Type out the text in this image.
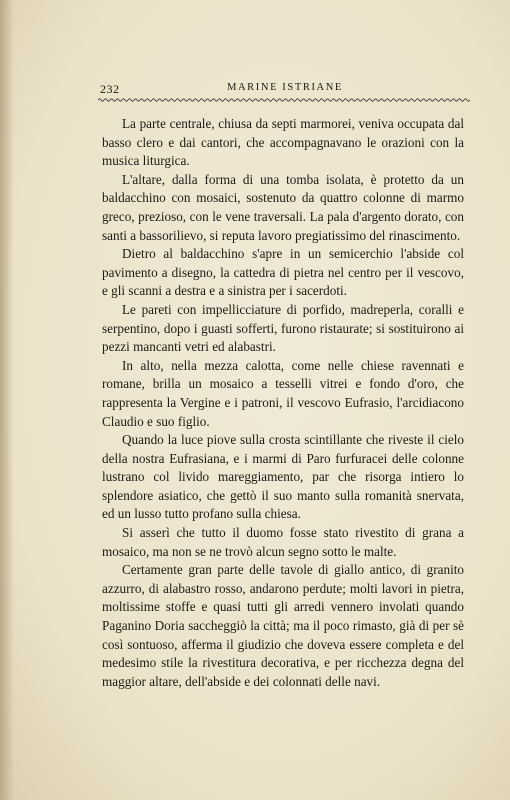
232	MARINE ISTRIANE

La parte centrale, chiusa da septi marmorei, veniva occupata dal basso clero e dai cantori, che accompagnavano le orazioni con la musica liturgica.

L'altare, dalla forma di una tomba isolata, è protetto da un baldacchino con mosaici, sostenuto da quattro colonne di marmo greco, prezioso, con le vene traversali. La pala d'argento dorato, con santi a bassorilievo, si reputa lavoro pregiatissimo del rinascimento.

Dietro al baldacchino s'apre in un semicerchio l'abside col pavimento a disegno, la cattedra di pietra nel centro per il vescovo, e gli scanni a destra e a sinistra per i sacerdoti.

Le pareti con impellicciature di porfido, madreperla, coralli e serpentino, dopo i guasti sofferti, furono ristaurate; si sostituirono ai pezzi mancanti vetri ed alabastri.

In alto, nella mezza calotta, come nelle chiese ravennati e romane, brilla un mosaico a tesselli vitrei e fondo d'oro, che rappresenta la Vergine e i patroni, il vescovo Eufrasio, l'arcidiacono Claudio e suo figlio.

Quando la luce piove sulla crosta scintillante che riveste il cielo della nostra Eufrasiana, e i marmi di Paro furfuracei delle colonne lustrano col livido mareggiamento, par che risorga intiero lo splendore asiatico, che gettò il suo manto sulla romanità snervata, ed un lusso tutto profano sulla chiesa.

Si asserì che tutto il duomo fosse stato rivestito di grana a mosaico, ma non se ne trovò alcun segno sotto le malte.

Certamente gran parte delle tavole di giallo antico, di granito azzurro, di alabastro rosso, andarono perdute; molti lavori in pietra, moltissime stoffe e quasi tutti gli arredi vennero involati quando Paganino Doria saccheggiò la città; ma il poco rimasto, già di per sè così sontuoso, afferma il giudizio che doveva essere completa e del medesimo stile la rivestitura decorativa, e per ricchezza degna del maggior altare, dell'abside e dei colonnati delle navi.
